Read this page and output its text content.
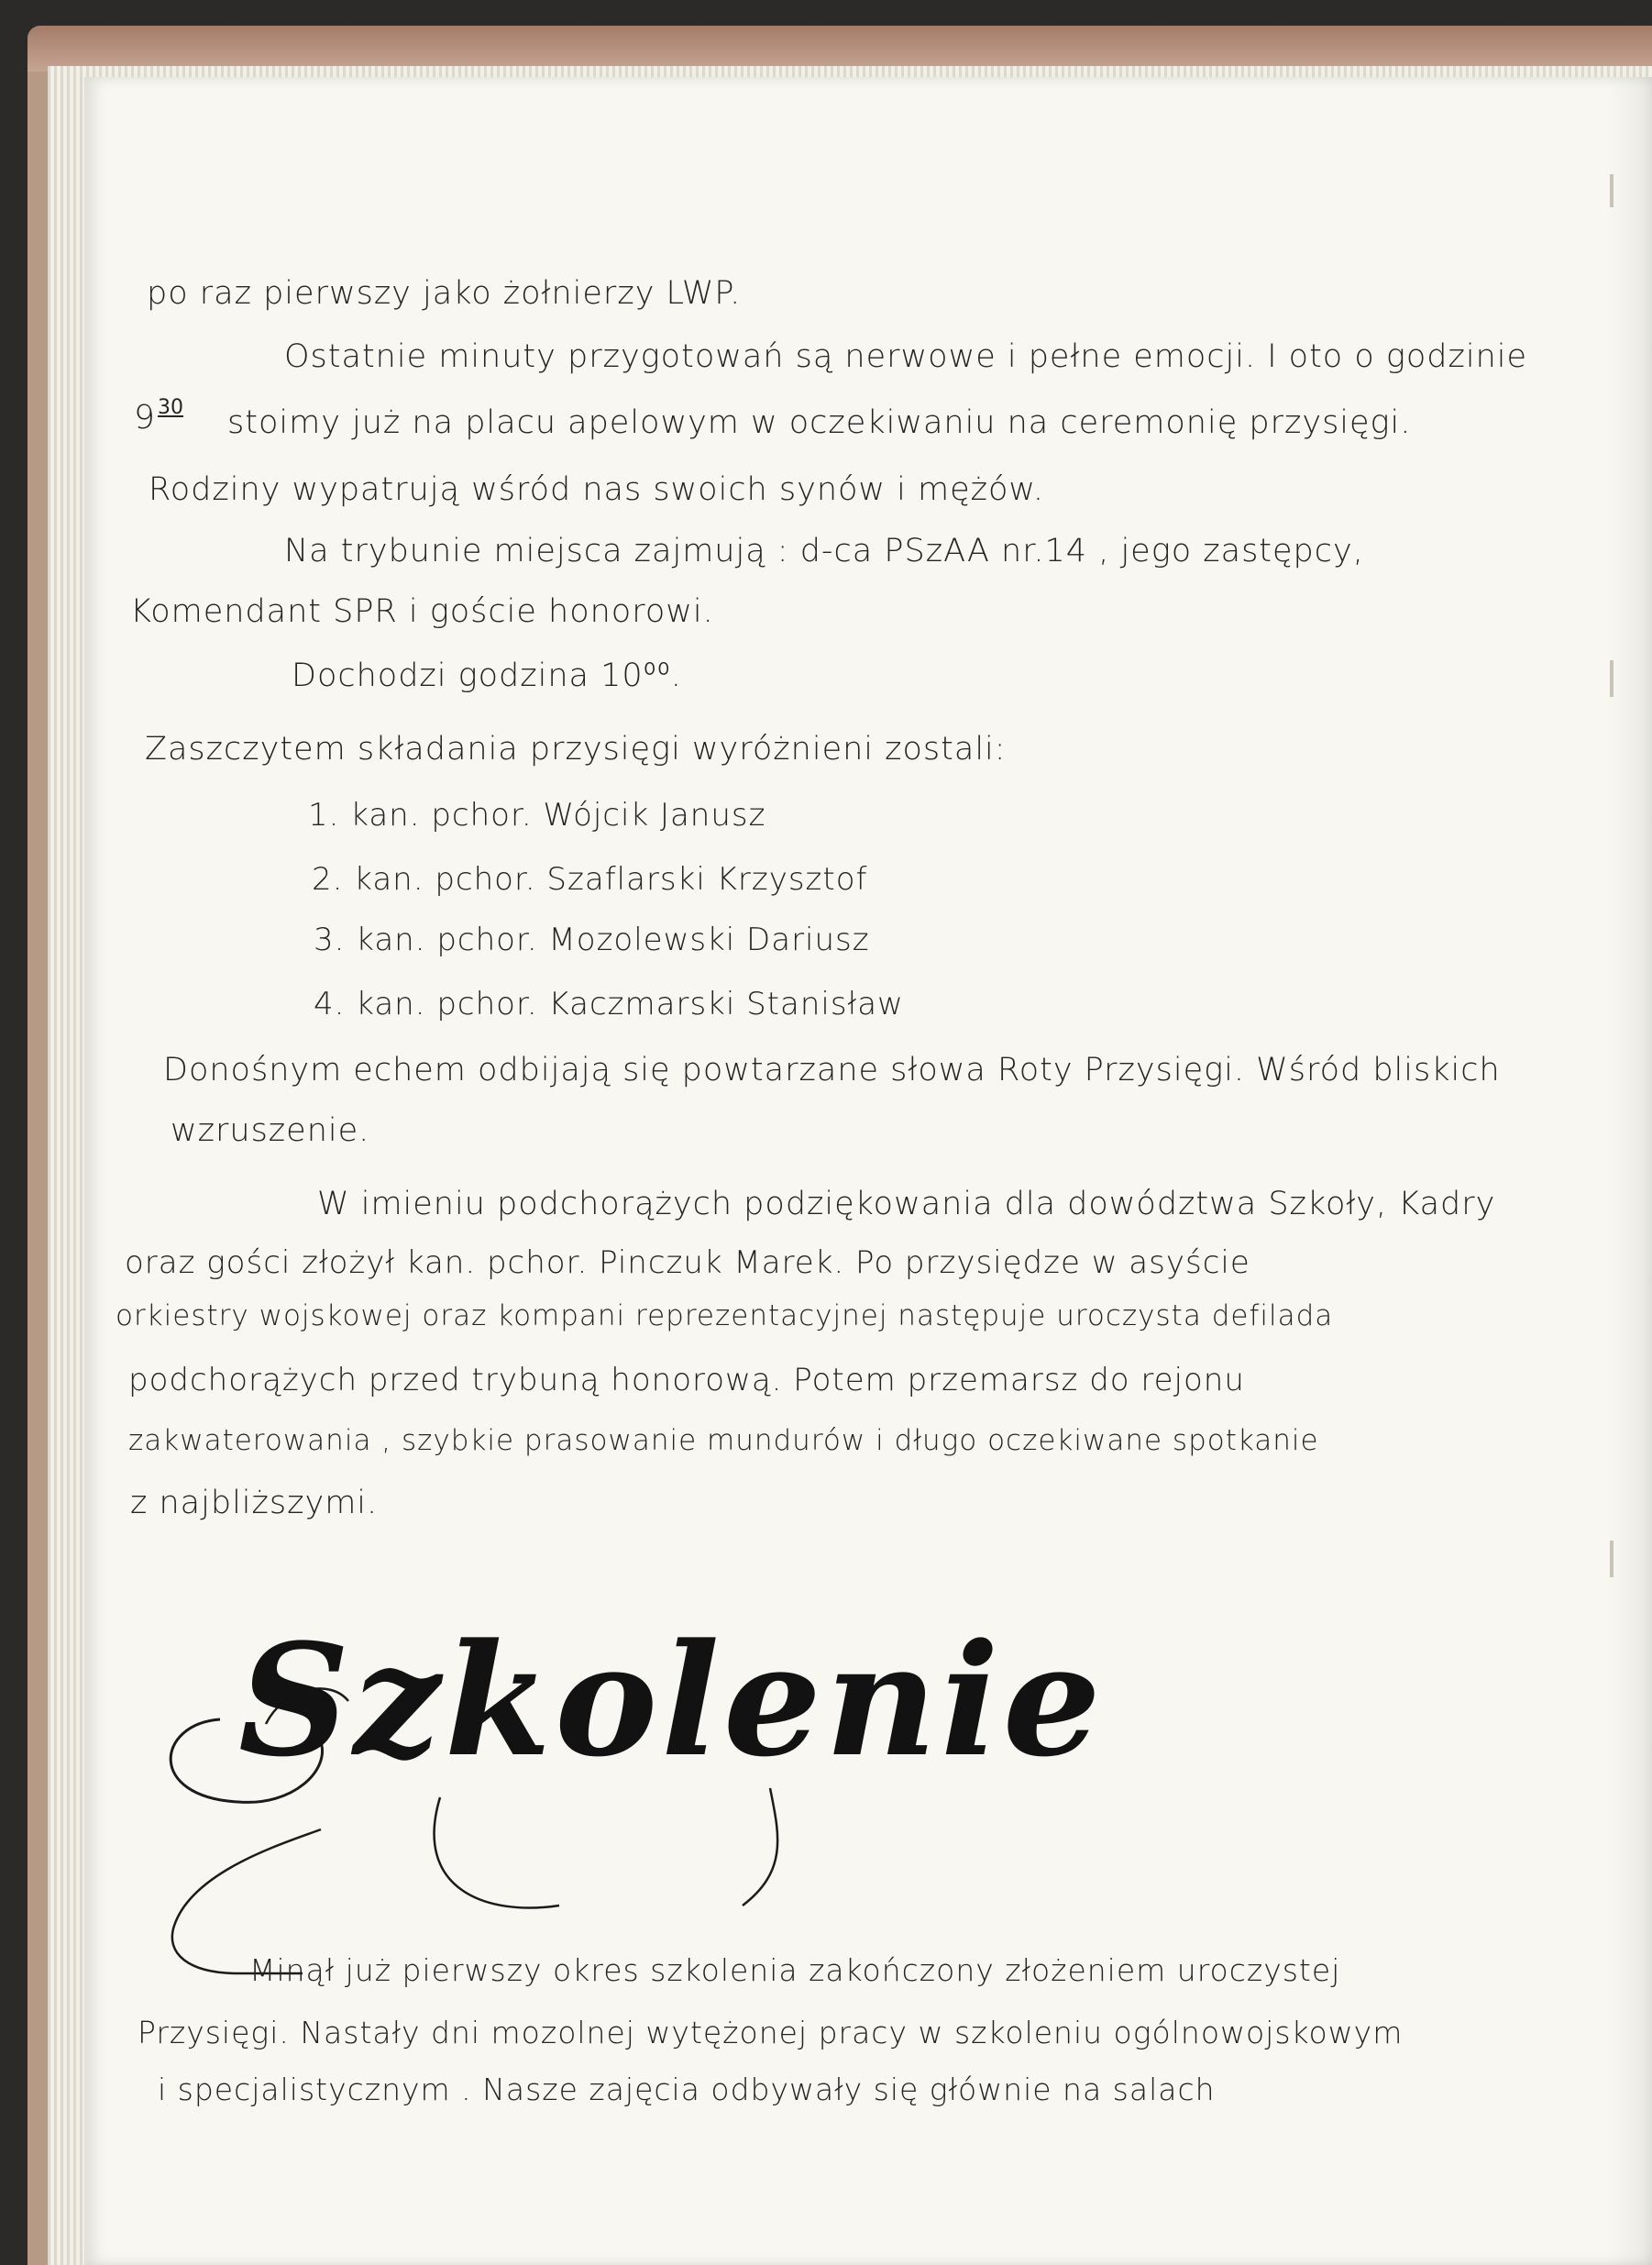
po raz pierwszy jako żołnierzy LWP.

Ostatnie minuty przygotowań są nerwowe i pełne emocji. I oto o godzinie

9 30 stoimy już na placu apelowym w oczekiwaniu na ceremonię przysięgi.

Rodziny wypatrują wśród nas swoich synów i mężów.

Na trybunie miejsca zajmują : d-ca PSzAA nr.14 , jego zastępcy,

Komendant SPR i goście honorowi.

Dochodzi godzina 10⁰⁰.

Zaszczytem składania przysięgi wyróżnieni zostali:

1. kan. pchor. Wójcik Janusz

2. kan. pchor. Szaflarski Krzysztof

3. kan. pchor. Mozolewski Dariusz

4. kan. pchor. Kaczmarski Stanisław

Donośnym echem odbijają się powtarzane słowa Roty Przysięgi. Wśród bliskich

wzruszenie.

W imieniu podchorążych podziękowania dla dowództwa Szkoły, Kadry

oraz gości złożył kan. pchor. Pinczuk Marek. Po przysiędze w asyście

orkiestry wojskowej oraz kompani reprezentacyjnej następuje uroczysta defilada

podchorążych przed trybuną honorową. Potem przemarsz do rejonu

zakwaterowania , szybkie prasowanie mundurów i długo oczekiwane spotkanie

z najbliższymi.

Szkolenie

Minął już pierwszy okres szkolenia zakończony złożeniem uroczystej

Przysięgi. Nastały dni mozolnej wytężonej pracy w szkoleniu ogólnowojskowym

i specjalistycznym . Nasze zajęcia odbywały się głównie na salach
